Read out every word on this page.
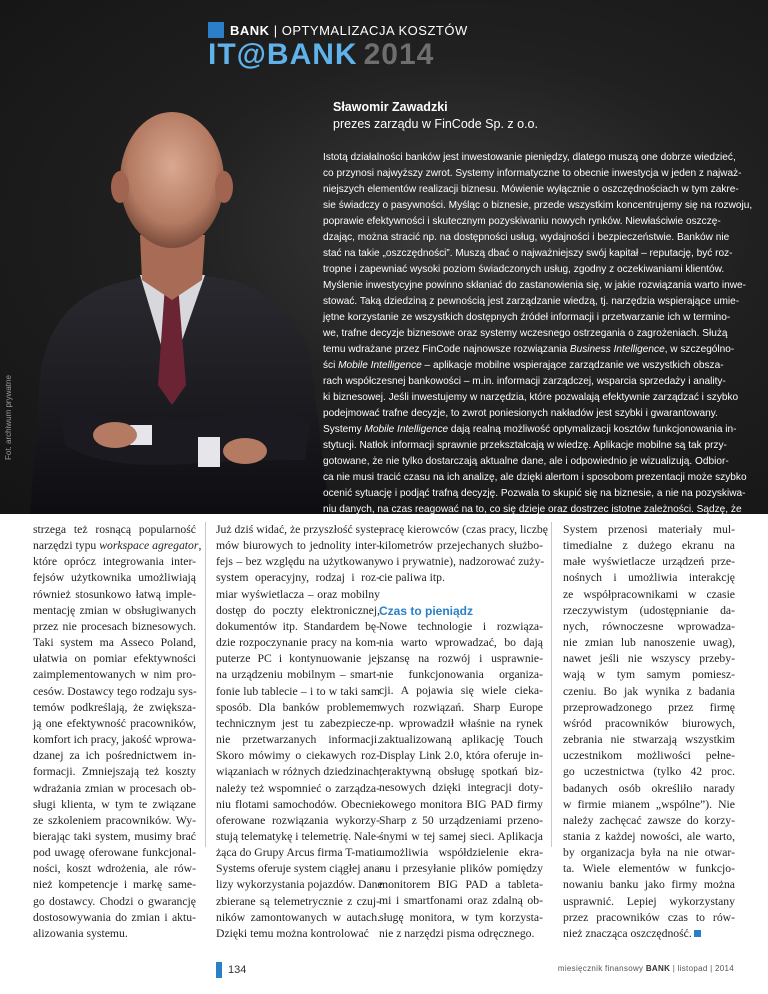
BANK | OPTYMALIZACJA KOSZTÓW
IT@BANK 2014
Fot. archiwum prywatne
Sławomir Zawadzki
prezes zarządu w FinCode Sp. z o.o.
Istotą działalności banków jest inwestowanie pieniędzy, dlatego muszą one dobrze wiedzieć,
co przynosi najwyższy zwrot. Systemy informatyczne to obecnie inwestycja w jeden z najważ-
niejszych elementów realizacji biznesu. Mówienie wyłącznie o oszczędnościach w tym zakre-
sie świadczy o pasywności. Myśląc o biznesie, przede wszystkim koncentrujemy się na rozwoju,
poprawie efektywności i skutecznym pozyskiwaniu nowych rynków. Niewłaściwie oszczę-
dzając, można stracić np. na dostępności usług, wydajności i bezpieczeństwie. Banków nie
stać na takie „oszczędności”. Muszą dbać o najważniejszy swój kapitał – reputację, być roz-
tropne i zapewniać wysoki poziom świadczonych usług, zgodny z oczekiwaniami klientów.
Myślenie inwestycyjne powinno skłaniać do zastanowienia się, w jakie rozwiązania warto inwe-
stować. Taką dziedziną z pewnością jest zarządzanie wiedzą, tj. narzędzia wspierające umie-
jętne korzystanie ze wszystkich dostępnych źródeł informacji i przetwarzanie ich w termino-
we, trafne decyzje biznesowe oraz systemy wczesnego ostrzegania o zagrożeniach. Służą
temu wdrażane przez FinCode najnowsze rozwiązania Business Intelligence, w szczególno-
ści Mobile Intelligence – aplikacje mobilne wspierające zarządzanie we wszystkich obsza-
rach współczesnej bankowości – m.in. informacji zarządczej, wsparcia sprzedaży i anality-
ki biznesowej. Jeśli inwestujemy w narzędzia, które pozwalają efektywnie zarządzać i szybko
podejmować trafne decyzje, to zwrot poniesionych nakładów jest szybki i gwarantowany.
Systemy Mobile Intelligence dają realną możliwość optymalizacji kosztów funkcjonowania in-
stytucji. Natłok informacji sprawnie przekształcają w wiedzę. Aplikacje mobilne są tak przy-
gotowane, że nie tylko dostarczają aktualne dane, ale i odpowiednio je wizualizują. Odbior-
ca nie musi tracić czasu na ich analizę, ale dzięki alertom i sposobom prezentacji może szybko
ocenić sytuację i podjąć trafną decyzję. Pozwala to skupić się na biznesie, a nie na pozyskiwa-
niu danych, na czas reagować na to, co się dzieje oraz dostrzec istotne zależności. Sądzę, że
strzega też rosnącą popularność
narzędzi typu workspace agregator,
które oprócz integrowania inter-
fejsów użytkownika umożliwiają
również stosunkowo łatwą imple-
mentację zmian w obsługiwanych
przez nie procesach biznesowych.
Taki system ma Asseco Poland,
ułatwia on pomiar efektywności
zaimplementowanych w nim pro-
cesów. Dostawcy tego rodzaju sys-
temów podkreślają, że zwiększa-
ją one efektywność pracowników,
komfort ich pracy, jakość wprowa-
dzanej za ich pośrednictwem in-
formacji. Zmniejszają też koszty
wdrażania zmian w procesach ob-
sługi klienta, w tym te związane
ze szkoleniem pracowników. Wy-
bierając taki system, musimy brać
pod uwagę oferowane funkcjonal-
ności, koszt wdrożenia, ale rów-
nież kompetencje i markę same-
go dostawcy. Chodzi o gwarancję
dostosowywania do zmian i aktu-
alizowania systemu.
Już dziś widać, że przyszłość syste-
mów biurowych to jednolity inter-
fejs – bez względu na użytkowany
system operacyjny, rodzaj i roz-
miar wyświetlacza – oraz mobilny
dostęp do poczty elektronicznej,
dokumentów itp. Standardem bę-
dzie rozpoczynanie pracy na kom-
puterze PC i kontynuowanie jej
na urządzeniu mobilnym – smart-
fonie lub tablecie – i to w taki sam
sposób. Dla banków problemem
technicznym jest tu zabezpiecze-
nie przetwarzanych informacji.
Skoro mówimy o ciekawych roz-
wiązaniach w różnych dziedzinach,
należy też wspomnieć o zarządza-
niu flotami samochodów. Obecnie
oferowane rozwiązania wykorzy-
stują telematykę i telemetrię. Nale-
żąca do Grupy Arcus firma T-matic
Systems oferuje system ciągłej ana-
lizy wykorzystania pojazdów. Dane
zbierane są telemetrycznie z czuj-
ników zamontowanych w autach.
Dzięki temu można kontrolować
pracę kierowców (czas pracy, liczbę
kilometrów przejechanych służbo-
wo i prywatnie), nadzorować zuży-
cie paliwa itp.
Czas to pieniądz
Nowe technologie i rozwiąza-
nia warto wprowadzać, bo dają
szansę na rozwój i usprawnie-
nie funkcjonowania organiza-
cji. A pojawia się wiele cieka-
wych rozwiązań. Sharp Europe
np. wprowadził właśnie na rynek
zaktualizowaną aplikację Touch
Display Link 2.0, która oferuje in-
teraktywną obsługę spotkań biz-
nesowych dzięki integracji doty-
kowego monitora BIG PAD firmy
Sharp z 50 urządzeniami przeno-
śnymi w tej samej sieci. Aplikacja
umożliwia współdzielenie ekra-
nu i przesyłanie plików pomiędzy
monitorem BIG PAD a tableta-
mi i smartfonami oraz zdalną ob-
sługę monitora, w tym korzysta-
nie z narzędzi pisma odręcznego.
System przenosi materiały mul-
timedialne z dużego ekranu na
małe wyświetlacze urządzeń prze-
nośnych i umożliwia interakcję
ze współpracownikami w czasie
rzeczywistym (udostępnianie da-
nych, równoczesne wprowadza-
nie zmian lub nanoszenie uwag),
nawet jeśli nie wszyscy przeby-
wają w tym samym pomiesz-
czeniu. Bo jak wynika z badania
przeprowadzonego przez firmę
wśród pracowników biurowych,
zebrania nie stwarzają wszystkim
uczestnikom możliwości pełne-
go uczestnictwa (tylko 42 proc.
badanych osób określiło narady
w firmie mianem „wspólne”). Nie
należy zachęcać zawsze do korzy-
stania z każdej nowości, ale warto,
by organizacja była na nie otwar-
ta. Wiele elementów w funkcjo-
nowaniu banku jako firmy można
usprawnić. Lepiej wykorzystany
przez pracowników czas to rów-
nież znacząca oszczędność.
134	miesięcznik finansowy BANK | listopad | 2014
